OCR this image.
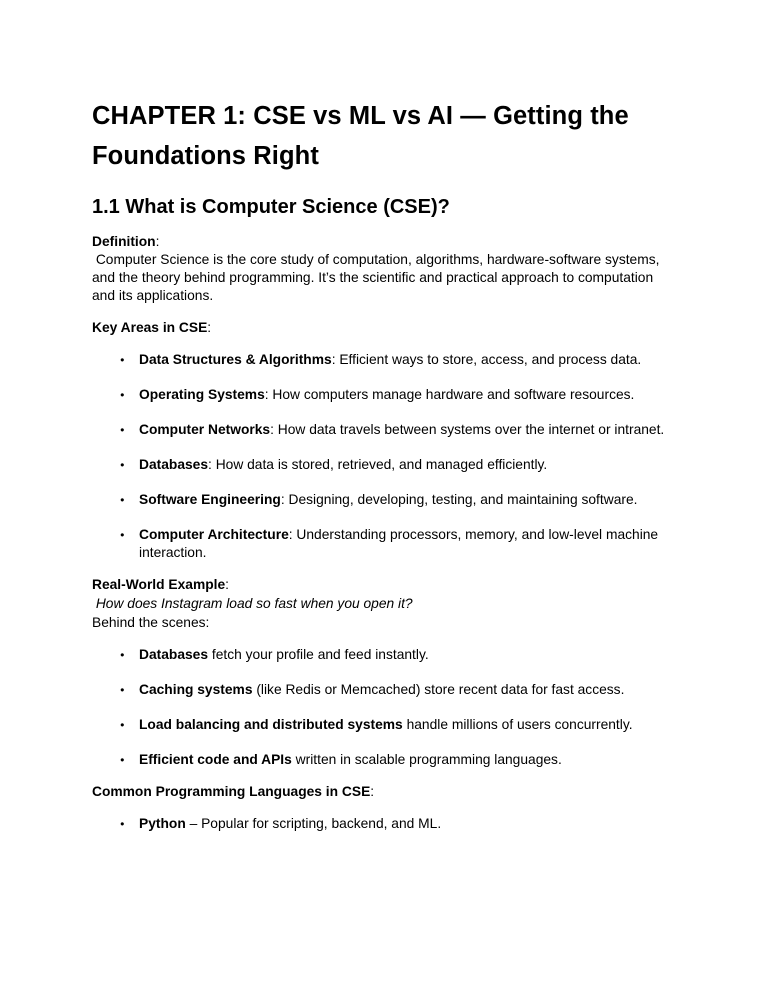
CHAPTER 1: CSE vs ML vs AI — Getting the Foundations Right
1.1 What is Computer Science (CSE)?

Definition:
Computer Science is the core study of computation, algorithms, hardware-software systems, and the theory behind programming. It’s the scientific and practical approach to computation and its applications.

Key Areas in CSE:

● Data Structures & Algorithms: Efficient ways to store, access, and process data.
● Operating Systems: How computers manage hardware and software resources.
● Computer Networks: How data travels between systems over the internet or intranet.
● Databases: How data is stored, retrieved, and managed efficiently.
● Software Engineering: Designing, developing, testing, and maintaining software.
● Computer Architecture: Understanding processors, memory, and low-level machine interaction.

Real-World Example:
How does Instagram load so fast when you open it?
Behind the scenes:

● Databases fetch your profile and feed instantly.
● Caching systems (like Redis or Memcached) store recent data for fast access.
● Load balancing and distributed systems handle millions of users concurrently.
● Efficient code and APIs written in scalable programming languages.

Common Programming Languages in CSE:

● Python – Popular for scripting, backend, and ML.
